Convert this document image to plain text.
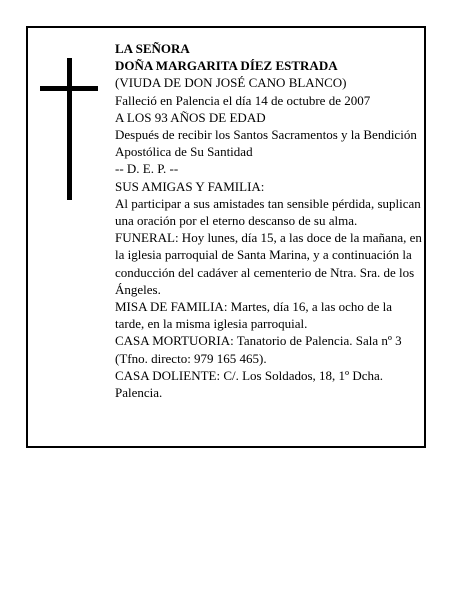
LA SEÑORA

DOÑA MARGARITA DÍEZ ESTRADA

(VIUDA DE DON JOSÉ CANO BLANCO)

Falleció en Palencia el día 14 de octubre de 2007

A LOS 93 AÑOS DE EDAD

Después de recibir los Santos Sacramentos y la Bendición Apostólica de Su Santidad

-- D. E. P. --

SUS AMIGAS Y FAMILIA:

Al participar a sus amistades tan sensible pérdida, suplican una oración por el eterno descanso de su alma.

FUNERAL: Hoy lunes, día 15, a las doce de la mañana, en la iglesia parroquial de Santa Marina, y a continuación la conducción del cadáver al cementerio de Ntra. Sra. de los Ángeles.

MISA DE FAMILIA: Martes, día 16, a las ocho de la tarde, en la misma iglesia parroquial.

CASA MORTUORIA: Tanatorio de Palencia. Sala nº 3 (Tfno. directo: 979 165 465).

CASA DOLIENTE: C/. Los Soldados, 18, 1º Dcha. Palencia.
